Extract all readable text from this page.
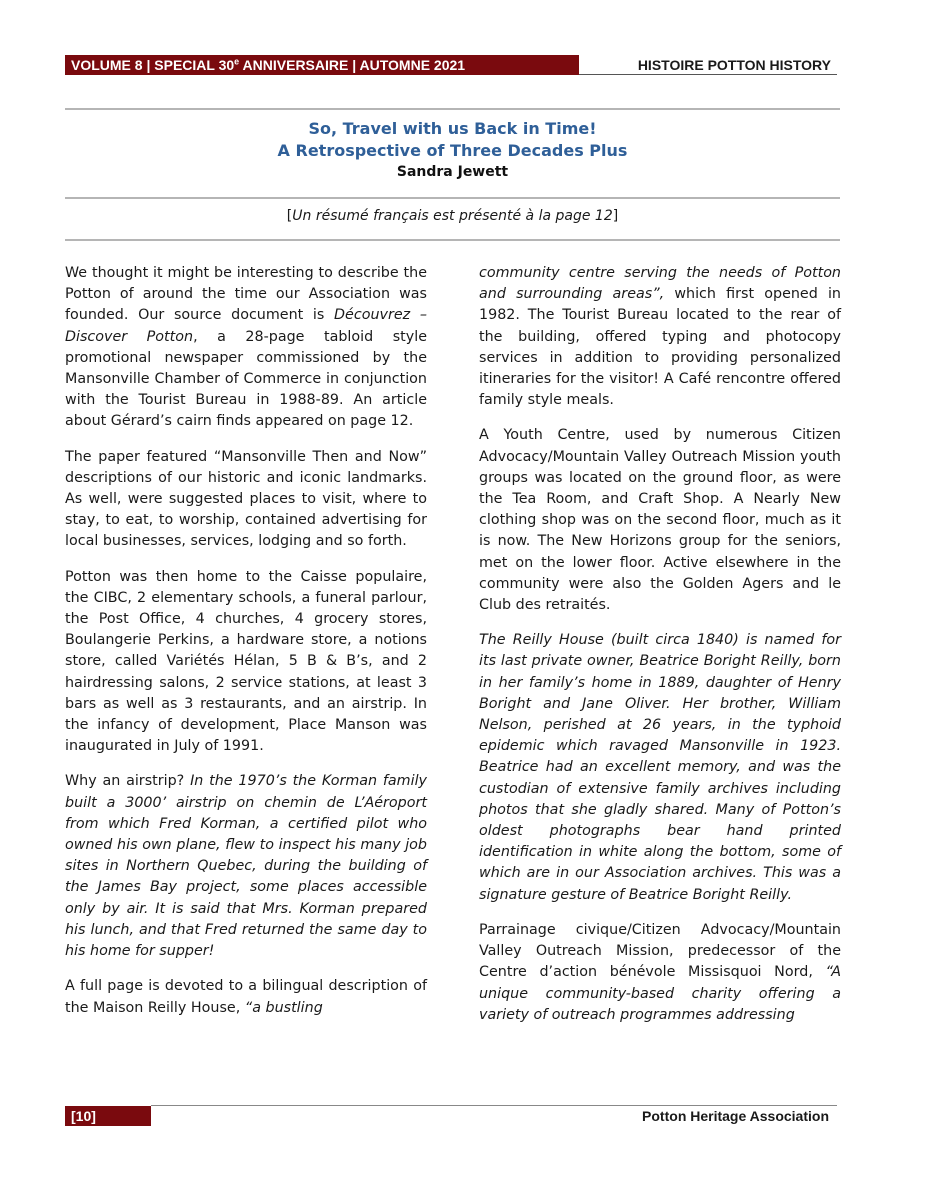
VOLUME 8 | SPECIAL 30e ANNIVERSAIRE | AUTOMNE 2021	HISTOIRE POTTON HISTORY
So, Travel with us Back in Time!
A Retrospective of Three Decades Plus
Sandra Jewett
[Un résumé français est présenté à la page 12]

We thought it might be interesting to describe the Potton of around the time our Association was founded. Our source document is Découvrez – Discover Potton, a 28-page tabloid style promotional newspaper commissioned by the Mansonville Chamber of Commerce in conjunction with the Tourist Bureau in 1988-89. An article about Gérard’s cairn finds appeared on page 12.

The paper featured “Mansonville Then and Now” descriptions of our historic and iconic landmarks. As well, were suggested places to visit, where to stay, to eat, to worship, contained advertising for local businesses, services, lodging and so forth.

Potton was then home to the Caisse populaire, the CIBC, 2 elementary schools, a funeral parlour, the Post Office, 4 churches, 4 grocery stores, Boulangerie Perkins, a hardware store, a notions store, called Variétés Hélan, 5 B & B’s, and 2 hairdressing salons, 2 service stations, at least 3 bars as well as 3 restaurants, and an airstrip. In the infancy of development, Place Manson was inaugurated in July of 1991.

Why an airstrip? In the 1970’s the Korman family built a 3000’ airstrip on chemin de L’Aéroport from which Fred Korman, a certified pilot who owned his own plane, flew to inspect his many job sites in Northern Quebec, during the building of the James Bay project, some places accessible only by air. It is said that Mrs. Korman prepared his lunch, and that Fred returned the same day to his home for supper!

A full page is devoted to a bilingual description of the Maison Reilly House, “a bustling

community centre serving the needs of Potton and surrounding areas”, which first opened in 1982. The Tourist Bureau located to the rear of the building, offered typing and photocopy services in addition to providing personalized itineraries for the visitor! A Café rencontre offered family style meals.

A Youth Centre, used by numerous Citizen Advocacy/Mountain Valley Outreach Mission youth groups was located on the ground floor, as were the Tea Room, and Craft Shop. A Nearly New clothing shop was on the second floor, much as it is now. The New Horizons group for the seniors, met on the lower floor. Active elsewhere in the community were also the Golden Agers and le Club des retraités.

The Reilly House (built circa 1840) is named for its last private owner, Beatrice Boright Reilly, born in her family’s home in 1889, daughter of Henry Boright and Jane Oliver. Her brother, William Nelson, perished at 26 years, in the typhoid epidemic which ravaged Mansonville in 1923. Beatrice had an excellent memory, and was the custodian of extensive family archives including photos that she gladly shared. Many of Potton’s oldest photographs bear hand printed identification in white along the bottom, some of which are in our Association archives. This was a signature gesture of Beatrice Boright Reilly.

Parrainage civique/Citizen Advocacy/Mountain Valley Outreach Mission, predecessor of the Centre d’action bénévole Missisquoi Nord, “A unique community-based charity offering a variety of outreach programmes addressing

[10]	Potton Heritage Association
